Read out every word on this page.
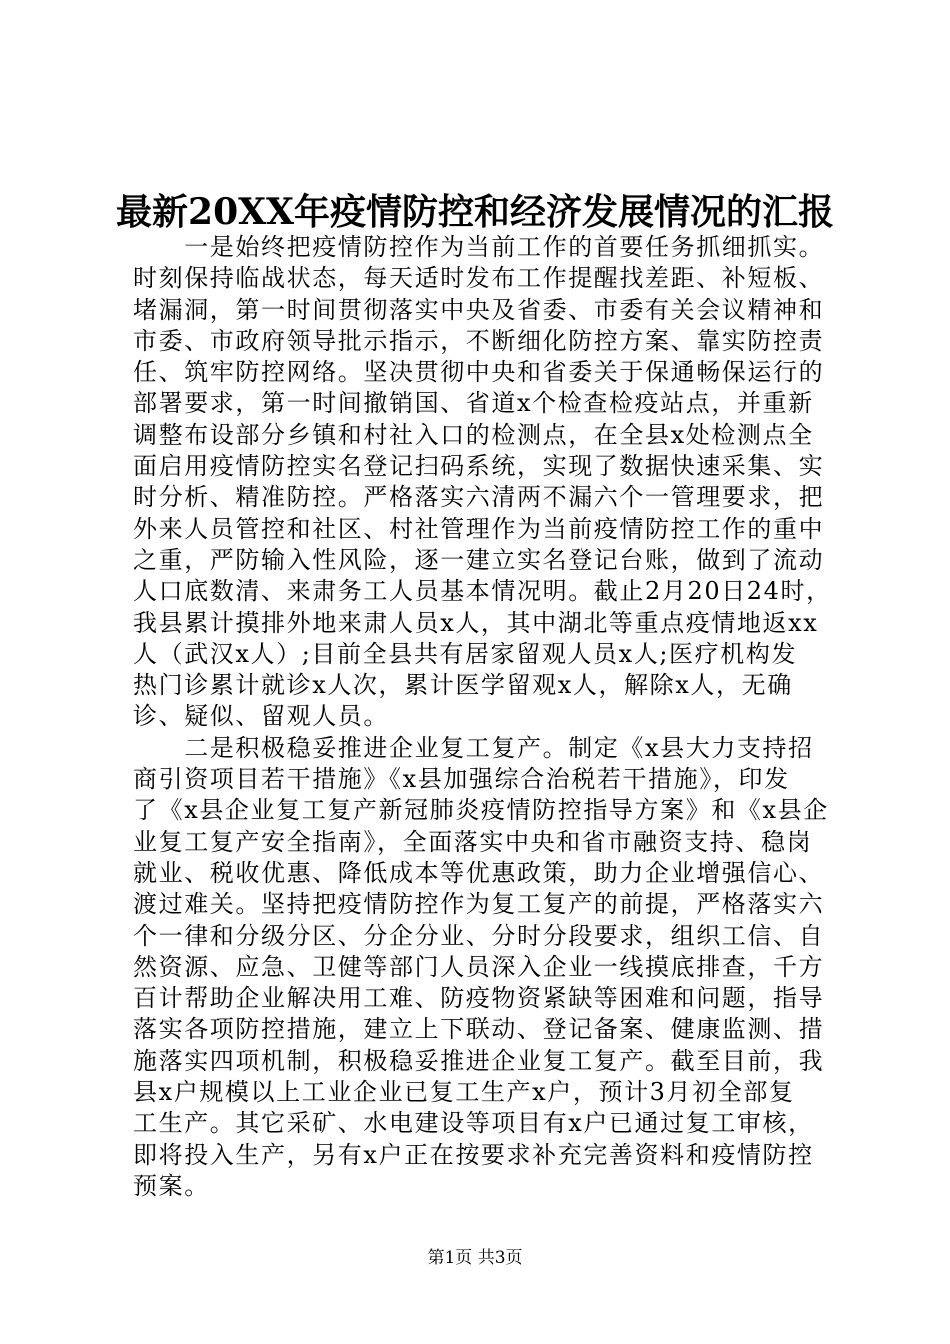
最新20XX年疫情防控和经济发展情况的汇报

　　一是始终把疫情防控作为当前工作的首要任务抓细抓实。

时刻保持临战状态，每天适时发布工作提醒找差距、补短板、

堵漏洞，第一时间贯彻落实中央及省委、市委有关会议精神和

市委、市政府领导批示指示，不断细化防控方案、靠实防控责

任、筑牢防控网络。坚决贯彻中央和省委关于保通畅保运行的

部署要求，第一时间撤销国、省道x个检查检疫站点，并重新

调整布设部分乡镇和村社入口的检测点，在全县x处检测点全

面启用疫情防控实名登记扫码系统，实现了数据快速采集、实

时分析、精准防控。严格落实六清两不漏六个一管理要求，把

外来人员管控和社区、村社管理作为当前疫情防控工作的重中

之重，严防输入性风险，逐一建立实名登记台账，做到了流动

人口底数清、来肃务工人员基本情况明。截止2月20日24时，

我县累计摸排外地来肃人员x人，其中湖北等重点疫情地返xx

人（武汉x人）;目前全县共有居家留观人员x人;医疗机构发

热门诊累计就诊x人次，累计医学留观x人，解除x人，无确

诊、疑似、留观人员。

　　二是积极稳妥推进企业复工复产。制定《x县大力支持招

商引资项目若干措施》《x县加强综合治税若干措施》，印发

了《x县企业复工复产新冠肺炎疫情防控指导方案》和《x县企

业复工复产安全指南》，全面落实中央和省市融资支持、稳岗

就业、税收优惠、降低成本等优惠政策，助力企业增强信心、

渡过难关。坚持把疫情防控作为复工复产的前提，严格落实六

个一律和分级分区、分企分业、分时分段要求，组织工信、自

然资源、应急、卫健等部门人员深入企业一线摸底排查，千方

百计帮助企业解决用工难、防疫物资紧缺等困难和问题，指导

落实各项防控措施，建立上下联动、登记备案、健康监测、措

施落实四项机制，积极稳妥推进企业复工复产。截至目前，我

县x户规模以上工业企业已复工生产x户，预计3月初全部复

工生产。其它采矿、水电建设等项目有x户已通过复工审核，

即将投入生产，另有x户正在按要求补充完善资料和疫情防控

预案。

第1页 共3页
